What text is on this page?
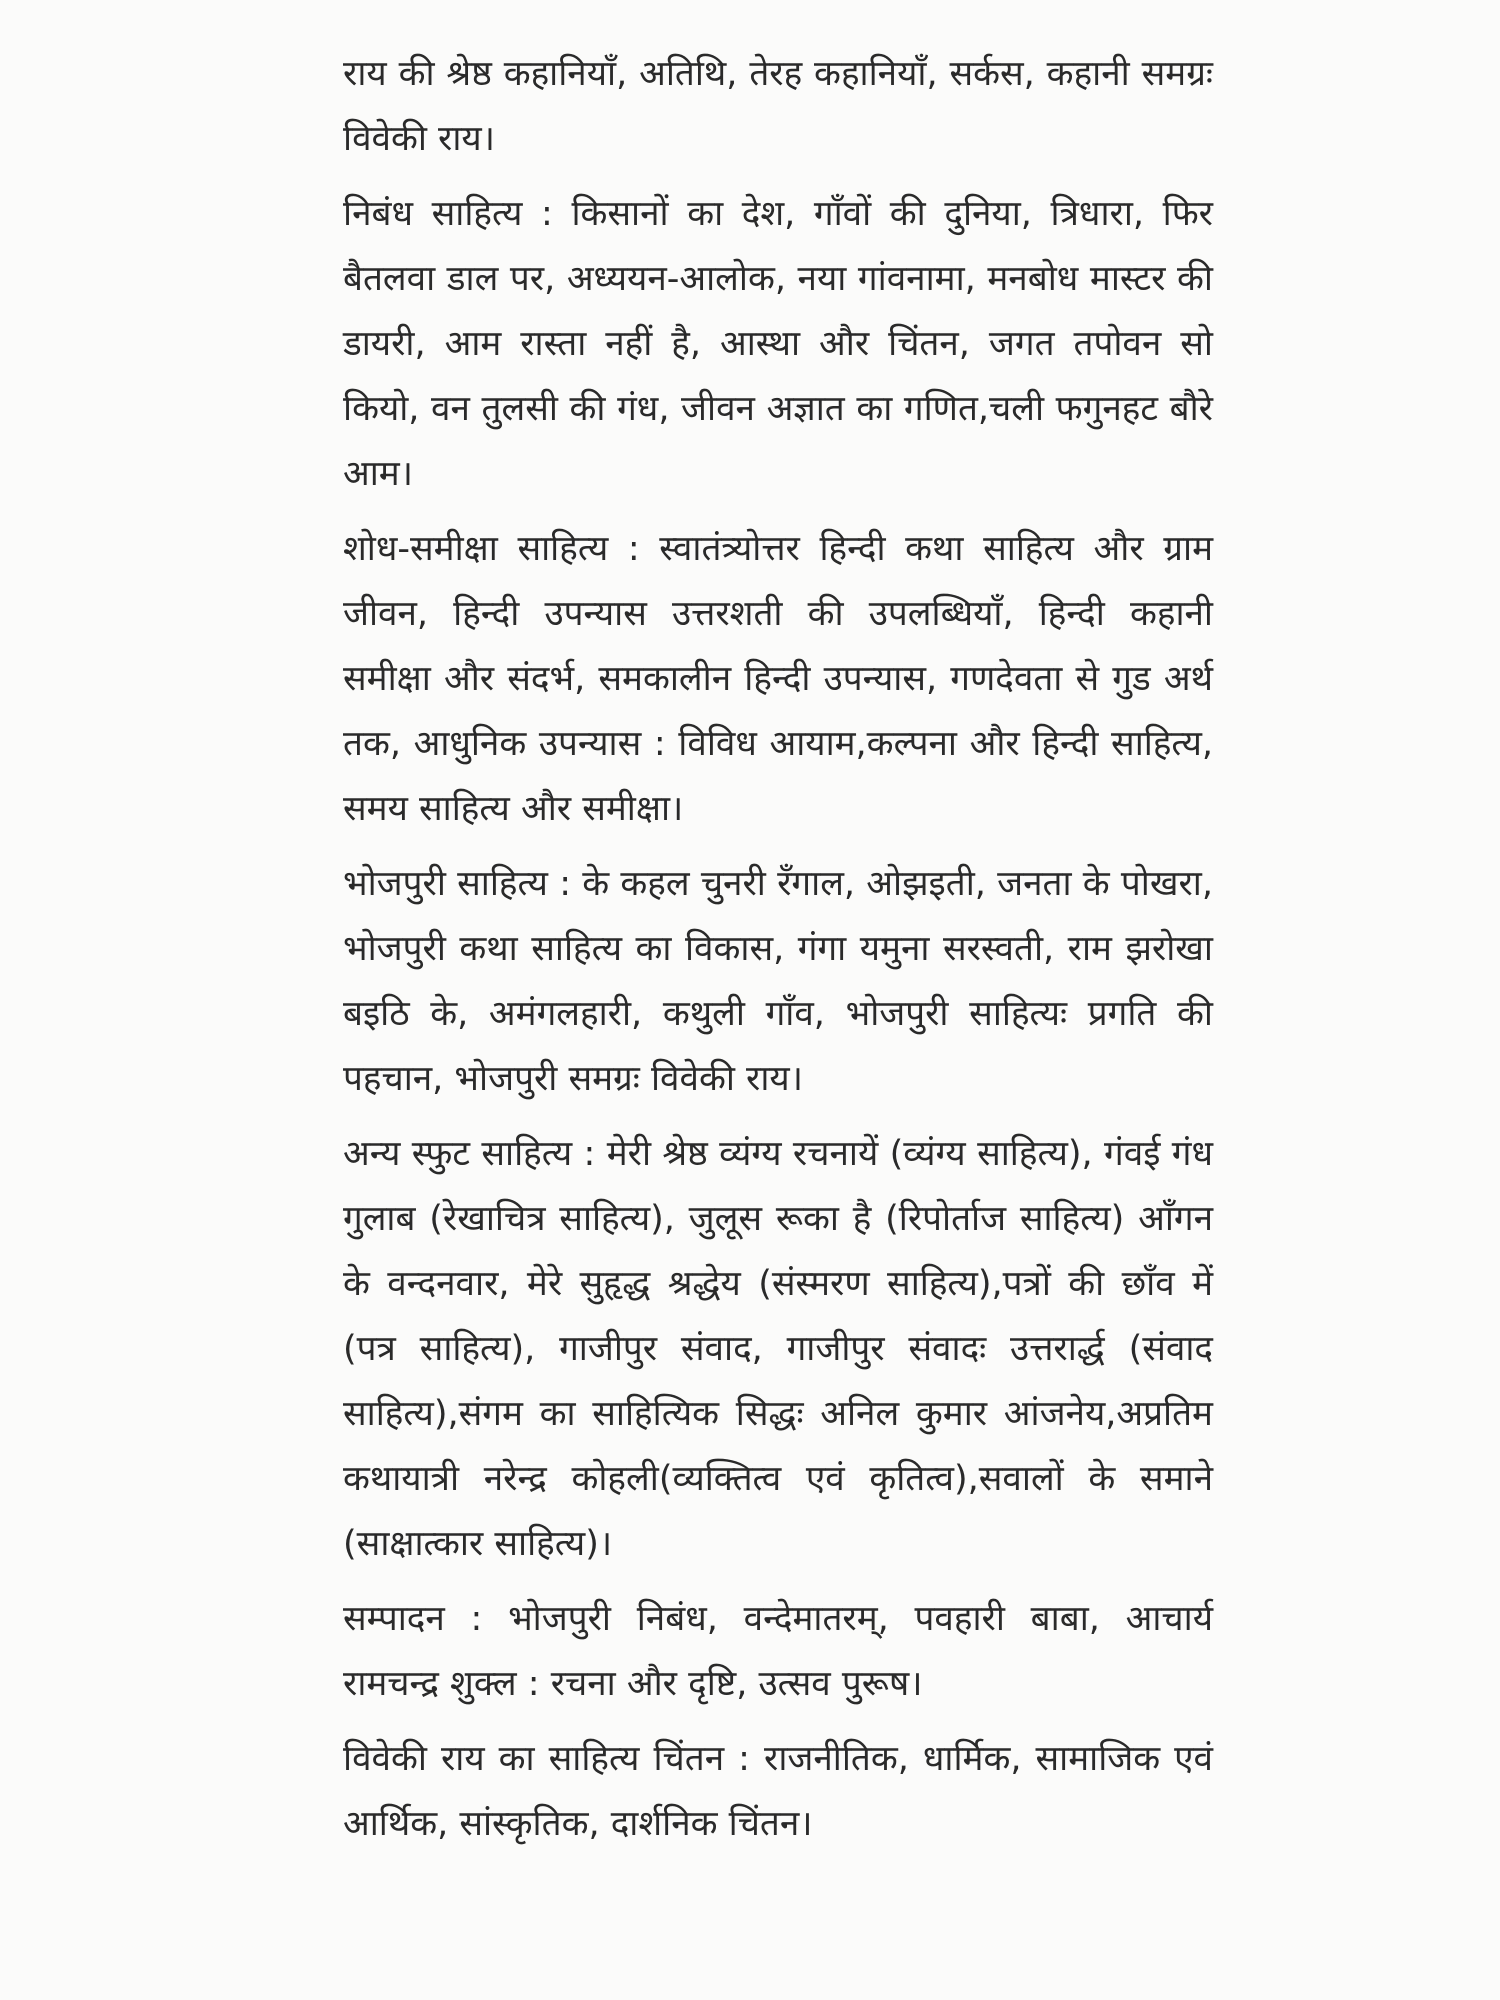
राय की श्रेष्ठ कहानियाँ, अतिथि, तेरह कहानियाँ, सर्कस, कहानी समग्रः विवेकी राय।

निबंध साहित्य : किसानों का देश, गाँवों की दुनिया, त्रिधारा, फिर बैतलवा डाल पर, अध्ययन-आलोक, नया गांवनामा, मनबोध मास्टर की डायरी, आम रास्ता नहीं है, आस्था और चिंतन, जगत तपोवन सो कियो, वन तुलसी की गंध, जीवन अज्ञात का गणित,चली फगुनहट बौरे आम।

शोध-समीक्षा साहित्य : स्वातंत्र्योत्तर हिन्दी कथा साहित्य और ग्राम जीवन, हिन्दी उपन्यास उत्तरशती की उपलब्धियाँ, हिन्दी कहानी समीक्षा और संदर्भ, समकालीन हिन्दी उपन्यास, गणदेवता से गुड अर्थ तक, आधुनिक उपन्यास : विविध आयाम,कल्पना और हिन्दी साहित्य, समय साहित्य और समीक्षा।

भोजपुरी साहित्य : के कहल चुनरी रँगाल, ओझइती, जनता के पोखरा, भोजपुरी कथा साहित्य का विकास, गंगा यमुना सरस्वती, राम झरोखा बइठि के, अमंगलहारी, कथुली गाँव, भोजपुरी साहित्यः प्रगति की पहचान, भोजपुरी समग्रः विवेकी राय।

अन्य स्फुट साहित्य : मेरी श्रेष्ठ व्यंग्य रचनायें (व्यंग्य साहित्य), गंवई गंध गुलाब (रेखाचित्र साहित्य), जुलूस रूका है (रिपोर्ताज साहित्य) आँगन के वन्दनवार, मेरे सुहृद्ध श्रद्धेय (संस्मरण साहित्य),पत्रों की छाँव में (पत्र साहित्य), गाजीपुर संवाद, गाजीपुर संवादः उत्तरार्द्ध (संवाद साहित्य),संगम का साहित्यिक सिद्धः अनिल कुमार आंजनेय,अप्रतिम कथायात्री नरेन्द्र कोहली(व्यक्तित्व एवं कृतित्व),सवालों के समाने (साक्षात्कार साहित्य)।

सम्पादन : भोजपुरी निबंध, वन्देमातरम्, पवहारी बाबा, आचार्य रामचन्द्र शुक्ल : रचना और दृष्टि, उत्सव पुरूष।

विवेकी राय का साहित्य चिंतन : राजनीतिक, धार्मिक, सामाजिक एवं आर्थिक, सांस्कृतिक, दार्शनिक चिंतन।
